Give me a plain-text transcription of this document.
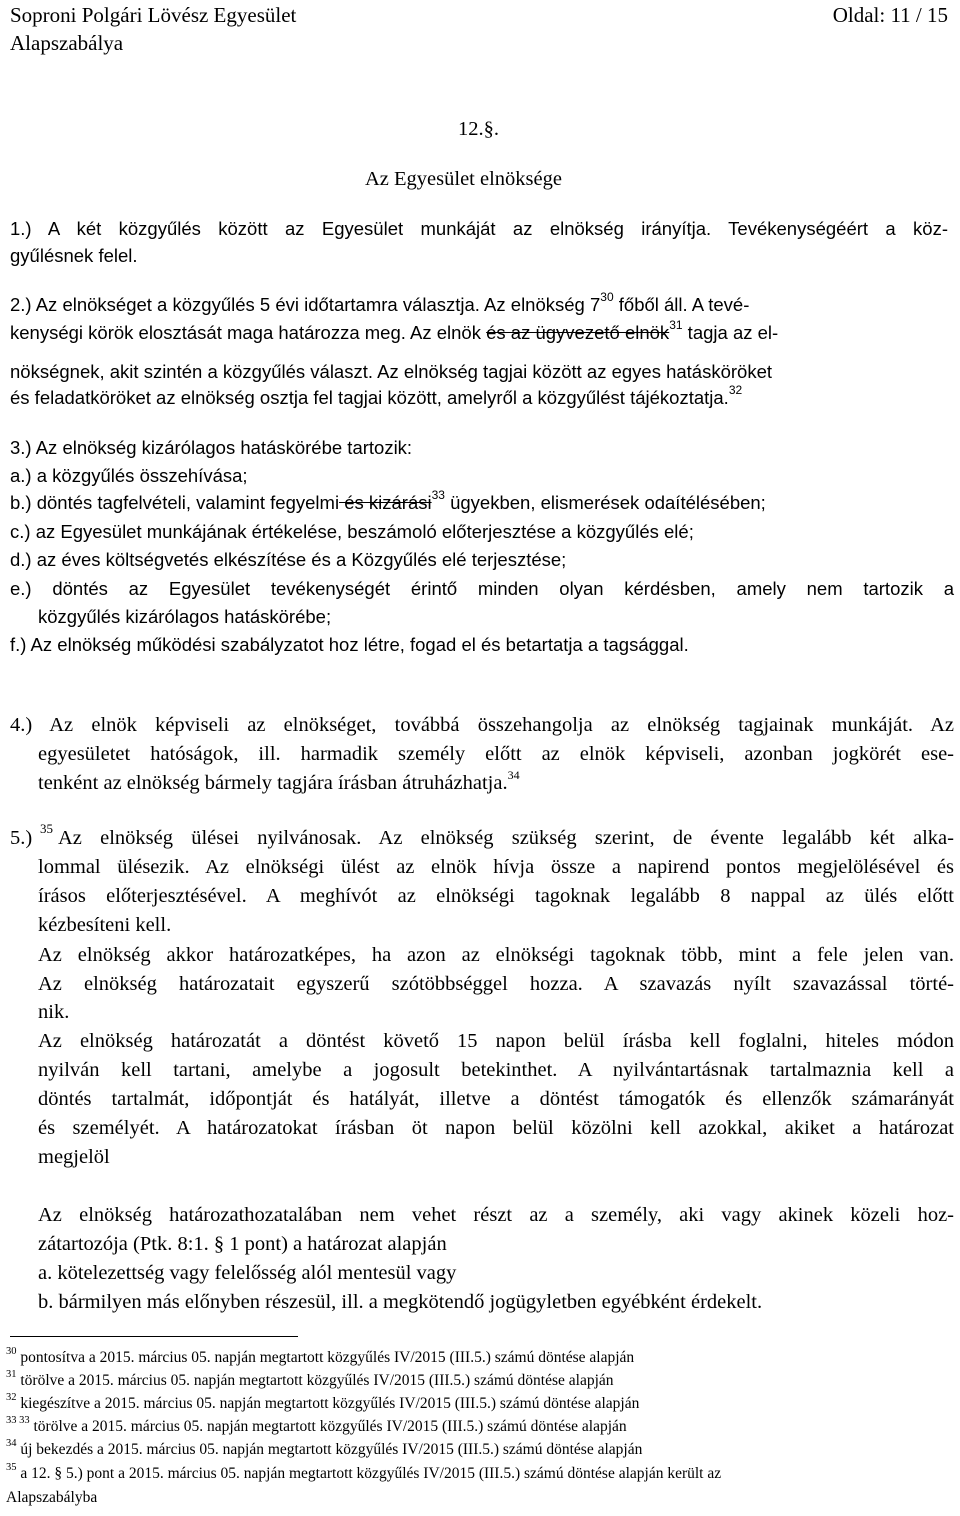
Soproni Polgári Lövész Egyesület	Oldal: 11 / 15
Alapszabálya
12.§.
Az Egyesület elnöksége
1.) A két közgyűlés között az Egyesület munkáját az elnökség irányítja. Tevékenységéért a köz-
gyűlésnek felel.
2.) Az elnökséget a közgyűlés 5 évi időtartamra választja. Az elnökség $7^{30}$ főből áll. A tevé-
kenységi körök elosztását maga határozza meg. Az elnök és az ügyvezető elnök$^{31}$ tagja az el-
nökségnek, akit szintén a közgyűlés választ. Az elnökség tagjai között az egyes hatásköröket
és feladatköröket az elnökség osztja fel tagjai között, amelyről a közgyűlést tájékoztatja.$^{32}$
3.) Az elnökség kizárólagos hatáskörébe tartozik:
a.) a közgyűlés összehívása;
b.) döntés tagfelvételi, valamint fegyelmi és kizárási$^{33}$ ügyekben, elismerések odaítélésében;
c.) az Egyesület munkájának értékelése, beszámoló előterjesztése a közgyűlés elé;
d.) az éves költségvetés elkészítése és a Közgyűlés elé terjesztése;
e.) döntés az Egyesület tevékenységét érintő minden olyan kérdésben, amely nem tartozik a
közgyűlés kizárólagos hatáskörébe;
f.) Az elnökség működési szabályzatot hoz létre, fogad el és betartatja a tagsággal.
4.) Az elnök képviseli az elnökséget, továbbá összehangolja az elnökség tagjainak munkáját. Az
egyesületet hatóságok, ill. harmadik személy előtt az elnök képviseli, azonban jogkörét ese-
tenként az elnökség bármely tagjára írásban átruházhatja.$^{34}$
5.) 35 Az elnökség ülései nyilvánosak. Az elnökség szükség szerint, de évente legalább két alka-
lommal ülésezik. Az elnökségi ülést az elnök hívja össze a napirend pontos megjelölésével és
írásos előterjesztésével. A meghívót az elnökségi tagoknak legalább 8 nappal az ülés előtt
kézbesíteni kell.
Az elnökség akkor határozatképes, ha azon az elnökségi tagoknak több, mint a fele jelen van.
Az elnökség határozatait egyszerű szótöbbséggel hozza. A szavazás nyílt szavazással törté-
nik.
Az elnökség határozatát a döntést követő 15 napon belül írásba kell foglalni, hiteles módon
nyilván kell tartani, amelybe a jogosult betekinthet. A nyilvántartásnak tartalmaznia kell a
döntés tartalmát, időpontját és hatályát, illetve a döntést támogatók és ellenzők számarányát
és személyét. A határozatokat írásban öt napon belül közölni kell azokkal, akiket a határozat
megjelöl
Az elnökség határozathozatalában nem vehet részt az a személy, aki vagy akinek közeli hoz-
zátartozója (Ptk. 8:1. § 1 pont) a határozat alapján
a. kötelezettség vagy felelősség alól mentesül vagy
b. bármilyen más előnyben részesül, ill. a megkötendő jogügyletben egyébként érdekelt.
$^{30}$ pontosítva a 2015. március 05. napján megtartott közgyűlés IV/2015 (III.5.) számú döntése alapján
$^{31}$ törölve a 2015. március 05. napján megtartott közgyűlés IV/2015 (III.5.) számú döntése alapján
$^{32}$ kiegészítve a 2015. március 05. napján megtartott közgyűlés IV/2015 (III.5.) számú döntése alapján
$^{33 33}$ törölve a 2015. március 05. napján megtartott közgyűlés IV/2015 (III.5.) számú döntése alapján
$^{34}$ új bekezdés a 2015. március 05. napján megtartott közgyűlés IV/2015 (III.5.) számú döntése alapján
$^{35}$ a 12. § 5.) pont a 2015. március 05. napján megtartott közgyűlés IV/2015 (III.5.) számú döntése alapján került az
Alapszabályba
